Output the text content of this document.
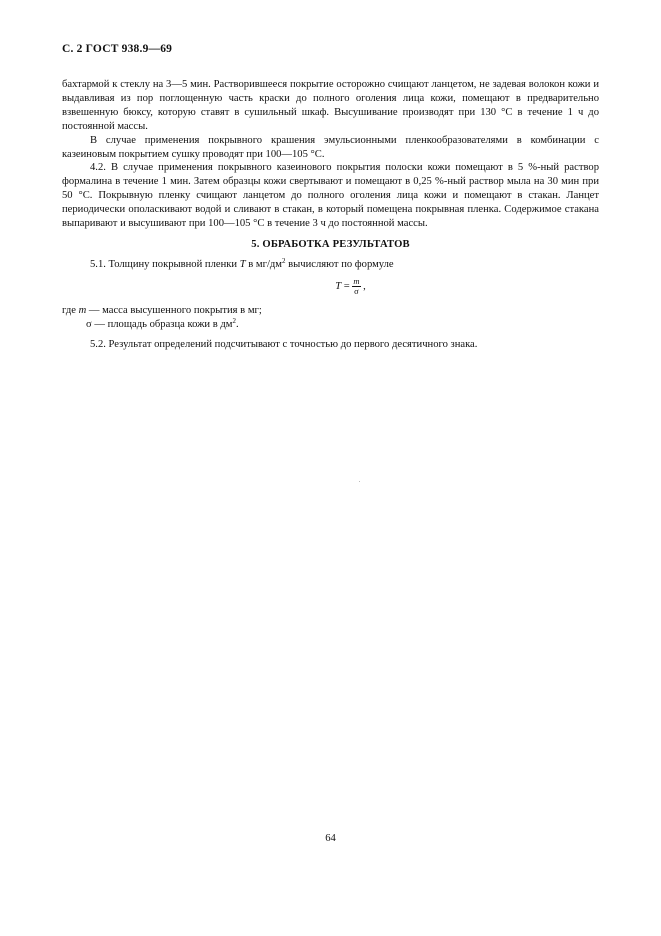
С. 2 ГОСТ 938.9—69

бахтармой к стеклу на 3—5 мин. Растворившееся покрытие осторожно счищают ланцетом, не задевая волокон кожи и выдавливая из пор поглощенную часть краски до полного оголения лица кожи, помещают в предварительно взвешенную бюксу, которую ставят в сушильный шкаф. Высушивание производят при 130 °С в течение 1 ч до постоянной массы.

В случае применения покрывного крашения эмульсионными пленкообразователями в комбинации с казеиновым покрытием сушку проводят при 100—105 °С.

4.2. В случае применения покрывного казеинового покрытия полоски кожи помещают в 5 %-ный раствор формалина в течение 1 мин. Затем образцы кожи свертывают и помещают в 0,25 %-ный раствор мыла на 30 мин при 50 °С. Покрывную пленку счищают ланцетом до полного оголения лица кожи и помещают в стакан. Ланцет периодически ополаскивают водой и сливают в стакан, в который помещена покрывная пленка. Содержимое стакана выпаривают и высушивают при 100—105 °С в течение 3 ч до постоянной массы.

5. ОБРАБОТКА РЕЗУЛЬТАТОВ

5.1. Толщину покрывной пленки T в $мг/дм^2$ вычисляют по формуле

$T = \frac{m}{\sigma}$ ,

где m — масса высушенного покрытия в мг;

σ — площадь образца кожи в $дм^2$.

5.2. Результат определений подсчитывают с точностью до первого десятичного знака.

64
